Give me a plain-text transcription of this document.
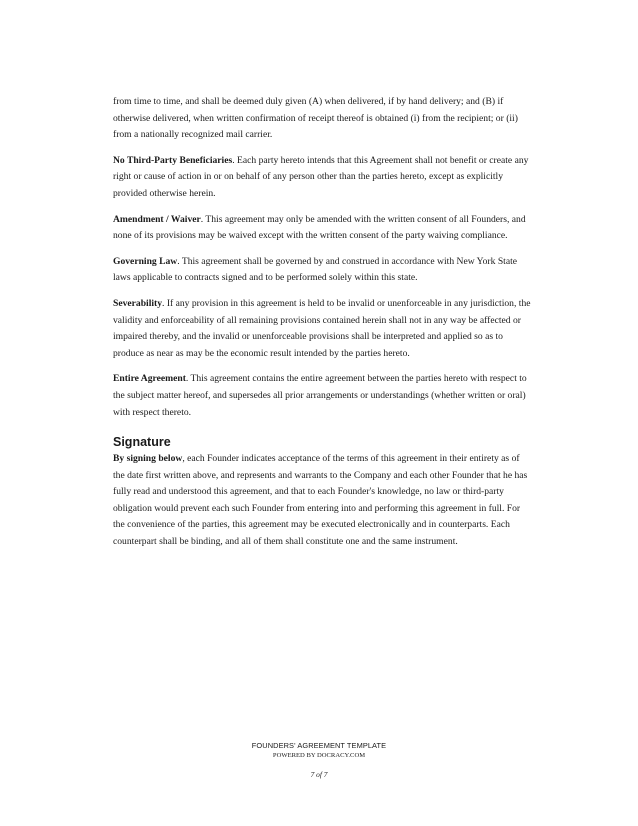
from time to time, and shall be deemed duly given (A) when delivered, if by hand delivery; and (B) if otherwise delivered, when written confirmation of receipt thereof is obtained (i) from the recipient; or (ii) from a nationally recognized mail carrier.

No Third-Party Beneficiaries. Each party hereto intends that this Agreement shall not benefit or create any right or cause of action in or on behalf of any person other than the parties hereto, except as explicitly provided otherwise herein.

Amendment / Waiver. This agreement may only be amended with the written consent of all Founders, and none of its provisions may be waived except with the written consent of the party waiving compliance.

Governing Law. This agreement shall be governed by and construed in accordance with New York State laws applicable to contracts signed and to be performed solely within this state.

Severability. If any provision in this agreement is held to be invalid or unenforceable in any jurisdiction, the validity and enforceability of all remaining provisions contained herein shall not in any way be affected or impaired thereby, and the invalid or unenforceable provisions shall be interpreted and applied so as to produce as near as may be the economic result intended by the parties hereto.

Entire Agreement. This agreement contains the entire agreement between the parties hereto with respect to the subject matter hereof, and supersedes all prior arrangements or understandings (whether written or oral) with respect thereto.

Signature

By signing below, each Founder indicates acceptance of the terms of this agreement in their entirety as of the date first written above, and represents and warrants to the Company and each other Founder that he has fully read and understood this agreement, and that to each Founder's knowledge, no law or third-party obligation would prevent each such Founder from entering into and performing this agreement in full. For the convenience of the parties, this agreement may be executed electronically and in counterparts. Each counterpart shall be binding, and all of them shall constitute one and the same instrument.

FOUNDERS' AGREEMENT TEMPLATE
POWERED BY DOCRACY.COM
7 of 7
